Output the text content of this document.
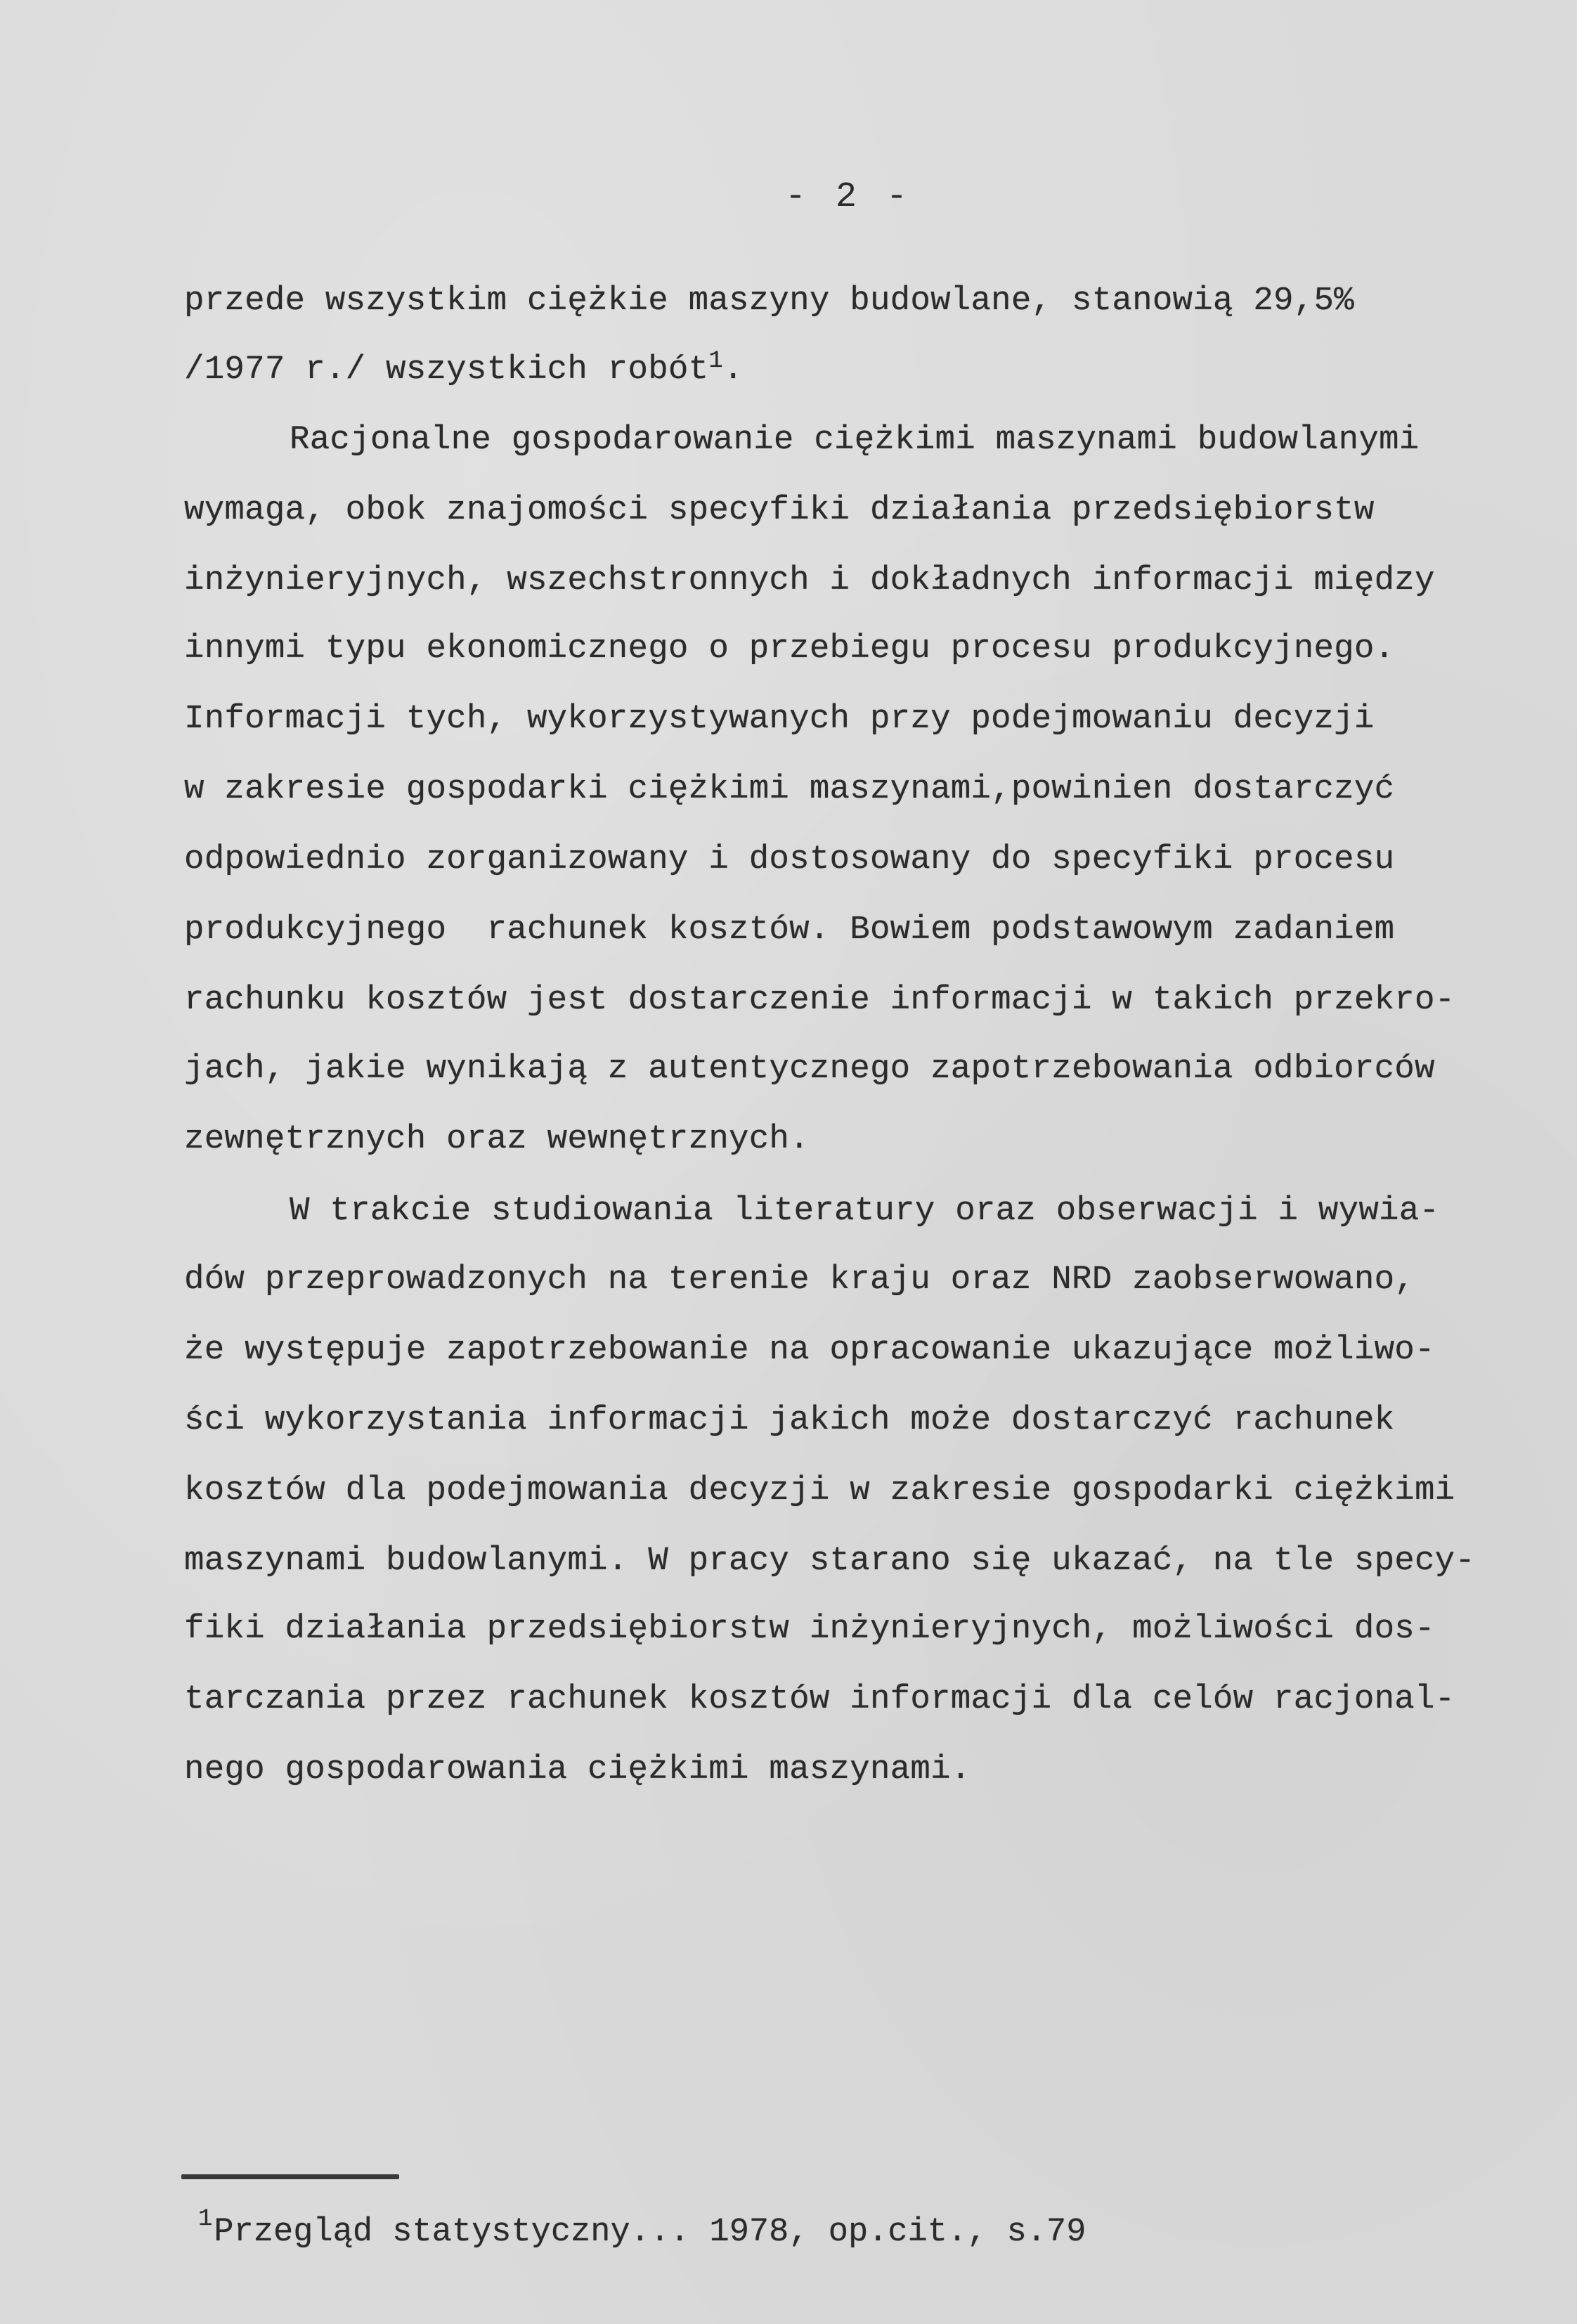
- 2 -
przede wszystkim ciężkie maszyny budowlane, stanowią 29,5%
/1977 r./ wszystkich robót$^1$.
Racjonalne gospodarowanie ciężkimi maszynami budowlanymi
wymaga, obok znajomości specyfiki działania przedsiębiorstw
inżynieryjnych, wszechstronnych i dokładnych informacji między
innymi typu ekonomicznego o przebiegu procesu produkcyjnego.
Informacji tych, wykorzystywanych przy podejmowaniu decyzji
w zakresie gospodarki ciężkimi maszynami,powinien dostarczyć
odpowiednio zorganizowany i dostosowany do specyfiki procesu
produkcyjnego  rachunek kosztów. Bowiem podstawowym zadaniem
rachunku kosztów jest dostarczenie informacji w takich przekro-
jach, jakie wynikają z autentycznego zapotrzebowania odbiorców
zewnętrznych oraz wewnętrznych.
W trakcie studiowania literatury oraz obserwacji i wywia-
dów przeprowadzonych na terenie kraju oraz NRD zaobserwowano,
że występuje zapotrzebowanie na opracowanie ukazujące możliwo-
ści wykorzystania informacji jakich może dostarczyć rachunek
kosztów dla podejmowania decyzji w zakresie gospodarki ciężkimi
maszynami budowlanymi. W pracy starano się ukazać, na tle specy-
fiki działania przedsiębiorstw inżynieryjnych, możliwości dos-
tarczania przez rachunek kosztów informacji dla celów racjonal-
nego gospodarowania ciężkimi maszynami.
$^1$Przegląd statystyczny... 1978, op.cit., s.79
